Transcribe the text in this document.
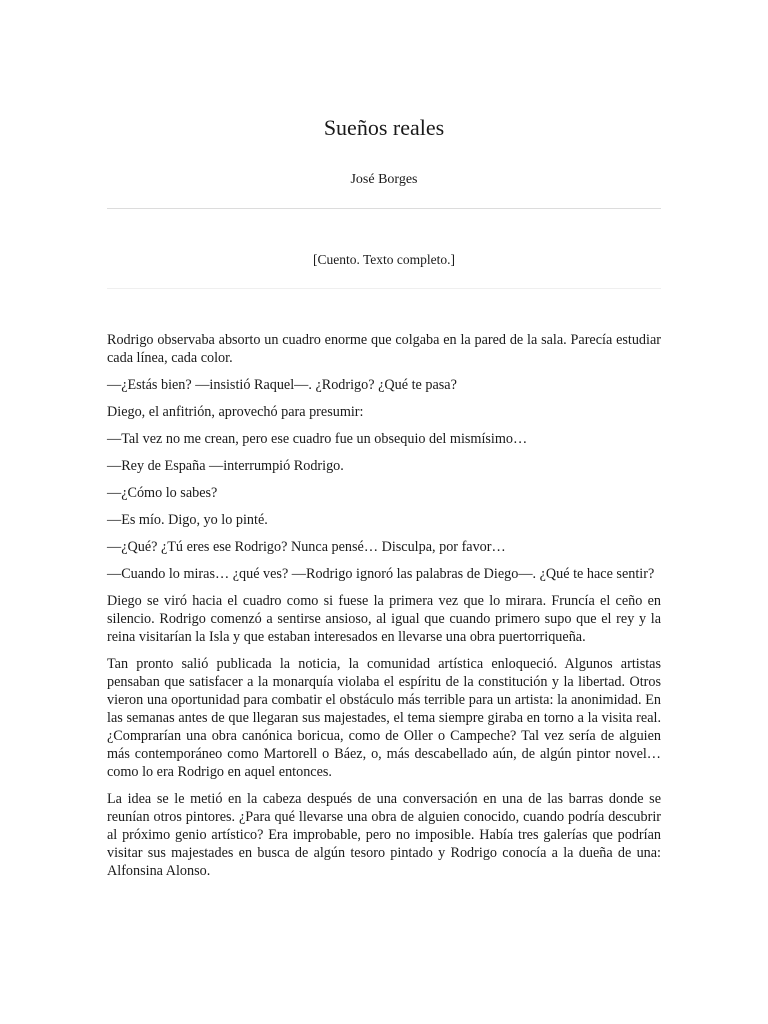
Sueños reales

José Borges

[Cuento. Texto completo.]

Rodrigo observaba absorto un cuadro enorme que colgaba en la pared de la sala. Parecía estudiar cada línea, cada color.

—¿Estás bien? —insistió Raquel—. ¿Rodrigo? ¿Qué te pasa?

Diego, el anfitrión, aprovechó para presumir:

—Tal vez no me crean, pero ese cuadro fue un obsequio del mismísimo…

—Rey de España —interrumpió Rodrigo.

—¿Cómo lo sabes?

—Es mío. Digo, yo lo pinté.

—¿Qué? ¿Tú eres ese Rodrigo? Nunca pensé… Disculpa, por favor…

—Cuando lo miras… ¿qué ves? —Rodrigo ignoró las palabras de Diego—. ¿Qué te hace sentir?

Diego se viró hacia el cuadro como si fuese la primera vez que lo mirara. Fruncía el ceño en silencio. Rodrigo comenzó a sentirse ansioso, al igual que cuando primero supo que el rey y la reina visitarían la Isla y que estaban interesados en llevarse una obra puertorriqueña.

Tan pronto salió publicada la noticia, la comunidad artística enloqueció. Algunos artistas pensaban que satisfacer a la monarquía violaba el espíritu de la constitución y la libertad. Otros vieron una oportunidad para combatir el obstáculo más terrible para un artista: la anonimidad. En las semanas antes de que llegaran sus majestades, el tema siempre giraba en torno a la visita real. ¿Comprarían una obra canónica boricua, como de Oller o Campeche? Tal vez sería de alguien más contemporáneo como Martorell o Báez, o, más descabellado aún, de algún pintor novel… como lo era Rodrigo en aquel entonces.

La idea se le metió en la cabeza después de una conversación en una de las barras donde se reunían otros pintores. ¿Para qué llevarse una obra de alguien conocido, cuando podría descubrir al próximo genio artístico? Era improbable, pero no imposible. Había tres galerías que podrían visitar sus majestades en busca de algún tesoro pintado y Rodrigo conocía a la dueña de una: Alfonsina Alonso.
